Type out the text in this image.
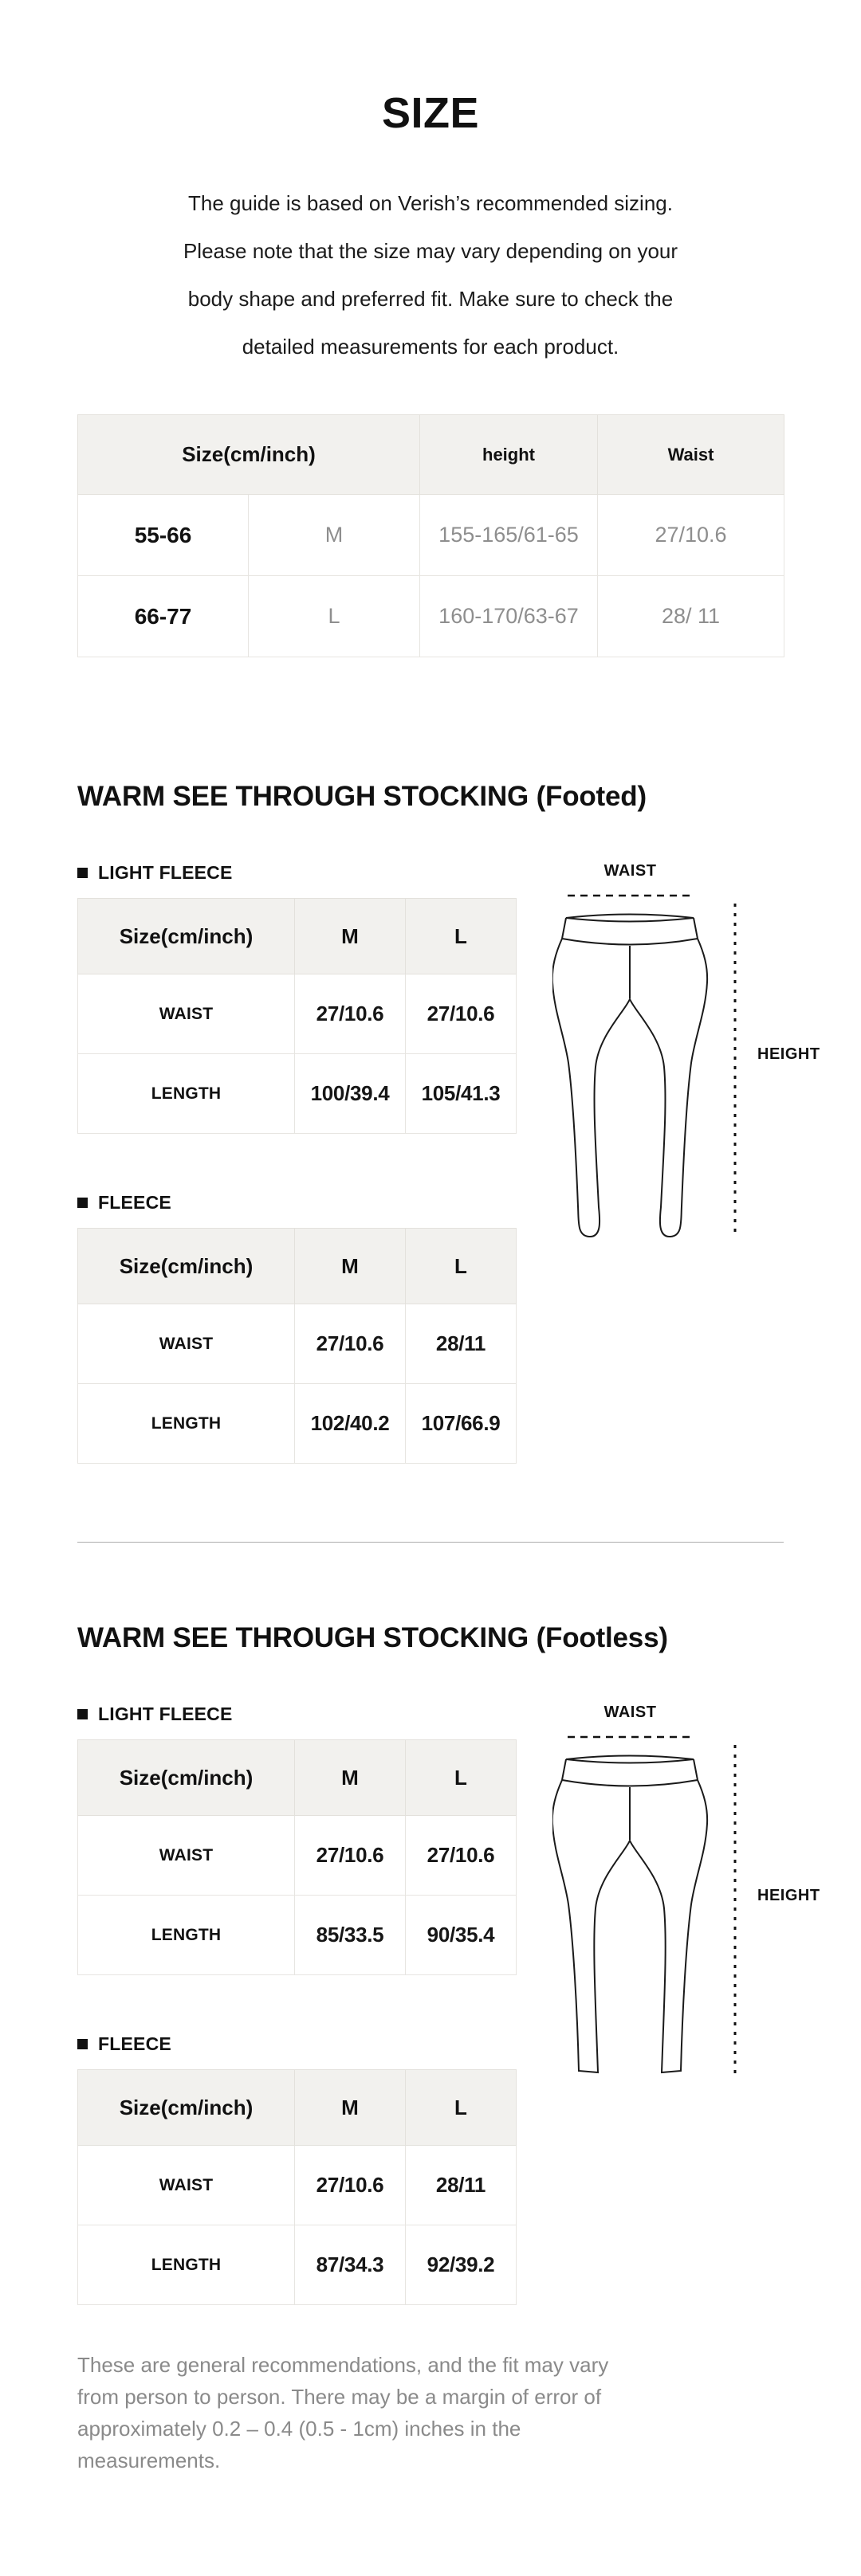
SIZE
The guide is based on Verish’s recommended sizing.
Please note that the size may vary depending on your
body shape and preferred fit. Make sure to check the
detailed measurements for each product.
Size(cm/inch)		height	Waist
55-66	M	155-165/61-65	27/10.6
66-77	L	160-170/63-67	28/ 11
WARM SEE THROUGH STOCKING (Footed)
LIGHT FLEECE
Size(cm/inch)	M	L
WAIST	27/10.6	27/10.6
LENGTH	100/39.4	105/41.3
FLEECE
Size(cm/inch)	M	L
WAIST	27/10.6	28/11
LENGTH	102/40.2	107/66.9
WAIST
HEIGHT
WARM SEE THROUGH STOCKING (Footless)
LIGHT FLEECE
Size(cm/inch)	M	L
WAIST	27/10.6	27/10.6
LENGTH	85/33.5	90/35.4
FLEECE
Size(cm/inch)	M	L
WAIST	27/10.6	28/11
LENGTH	87/34.3	92/39.2
WAIST
HEIGHT
These are general recommendations, and the fit may vary
from person to person. There may be a margin of error of
approximately 0.2 – 0.4 (0.5 - 1cm) inches in the
measurements.
